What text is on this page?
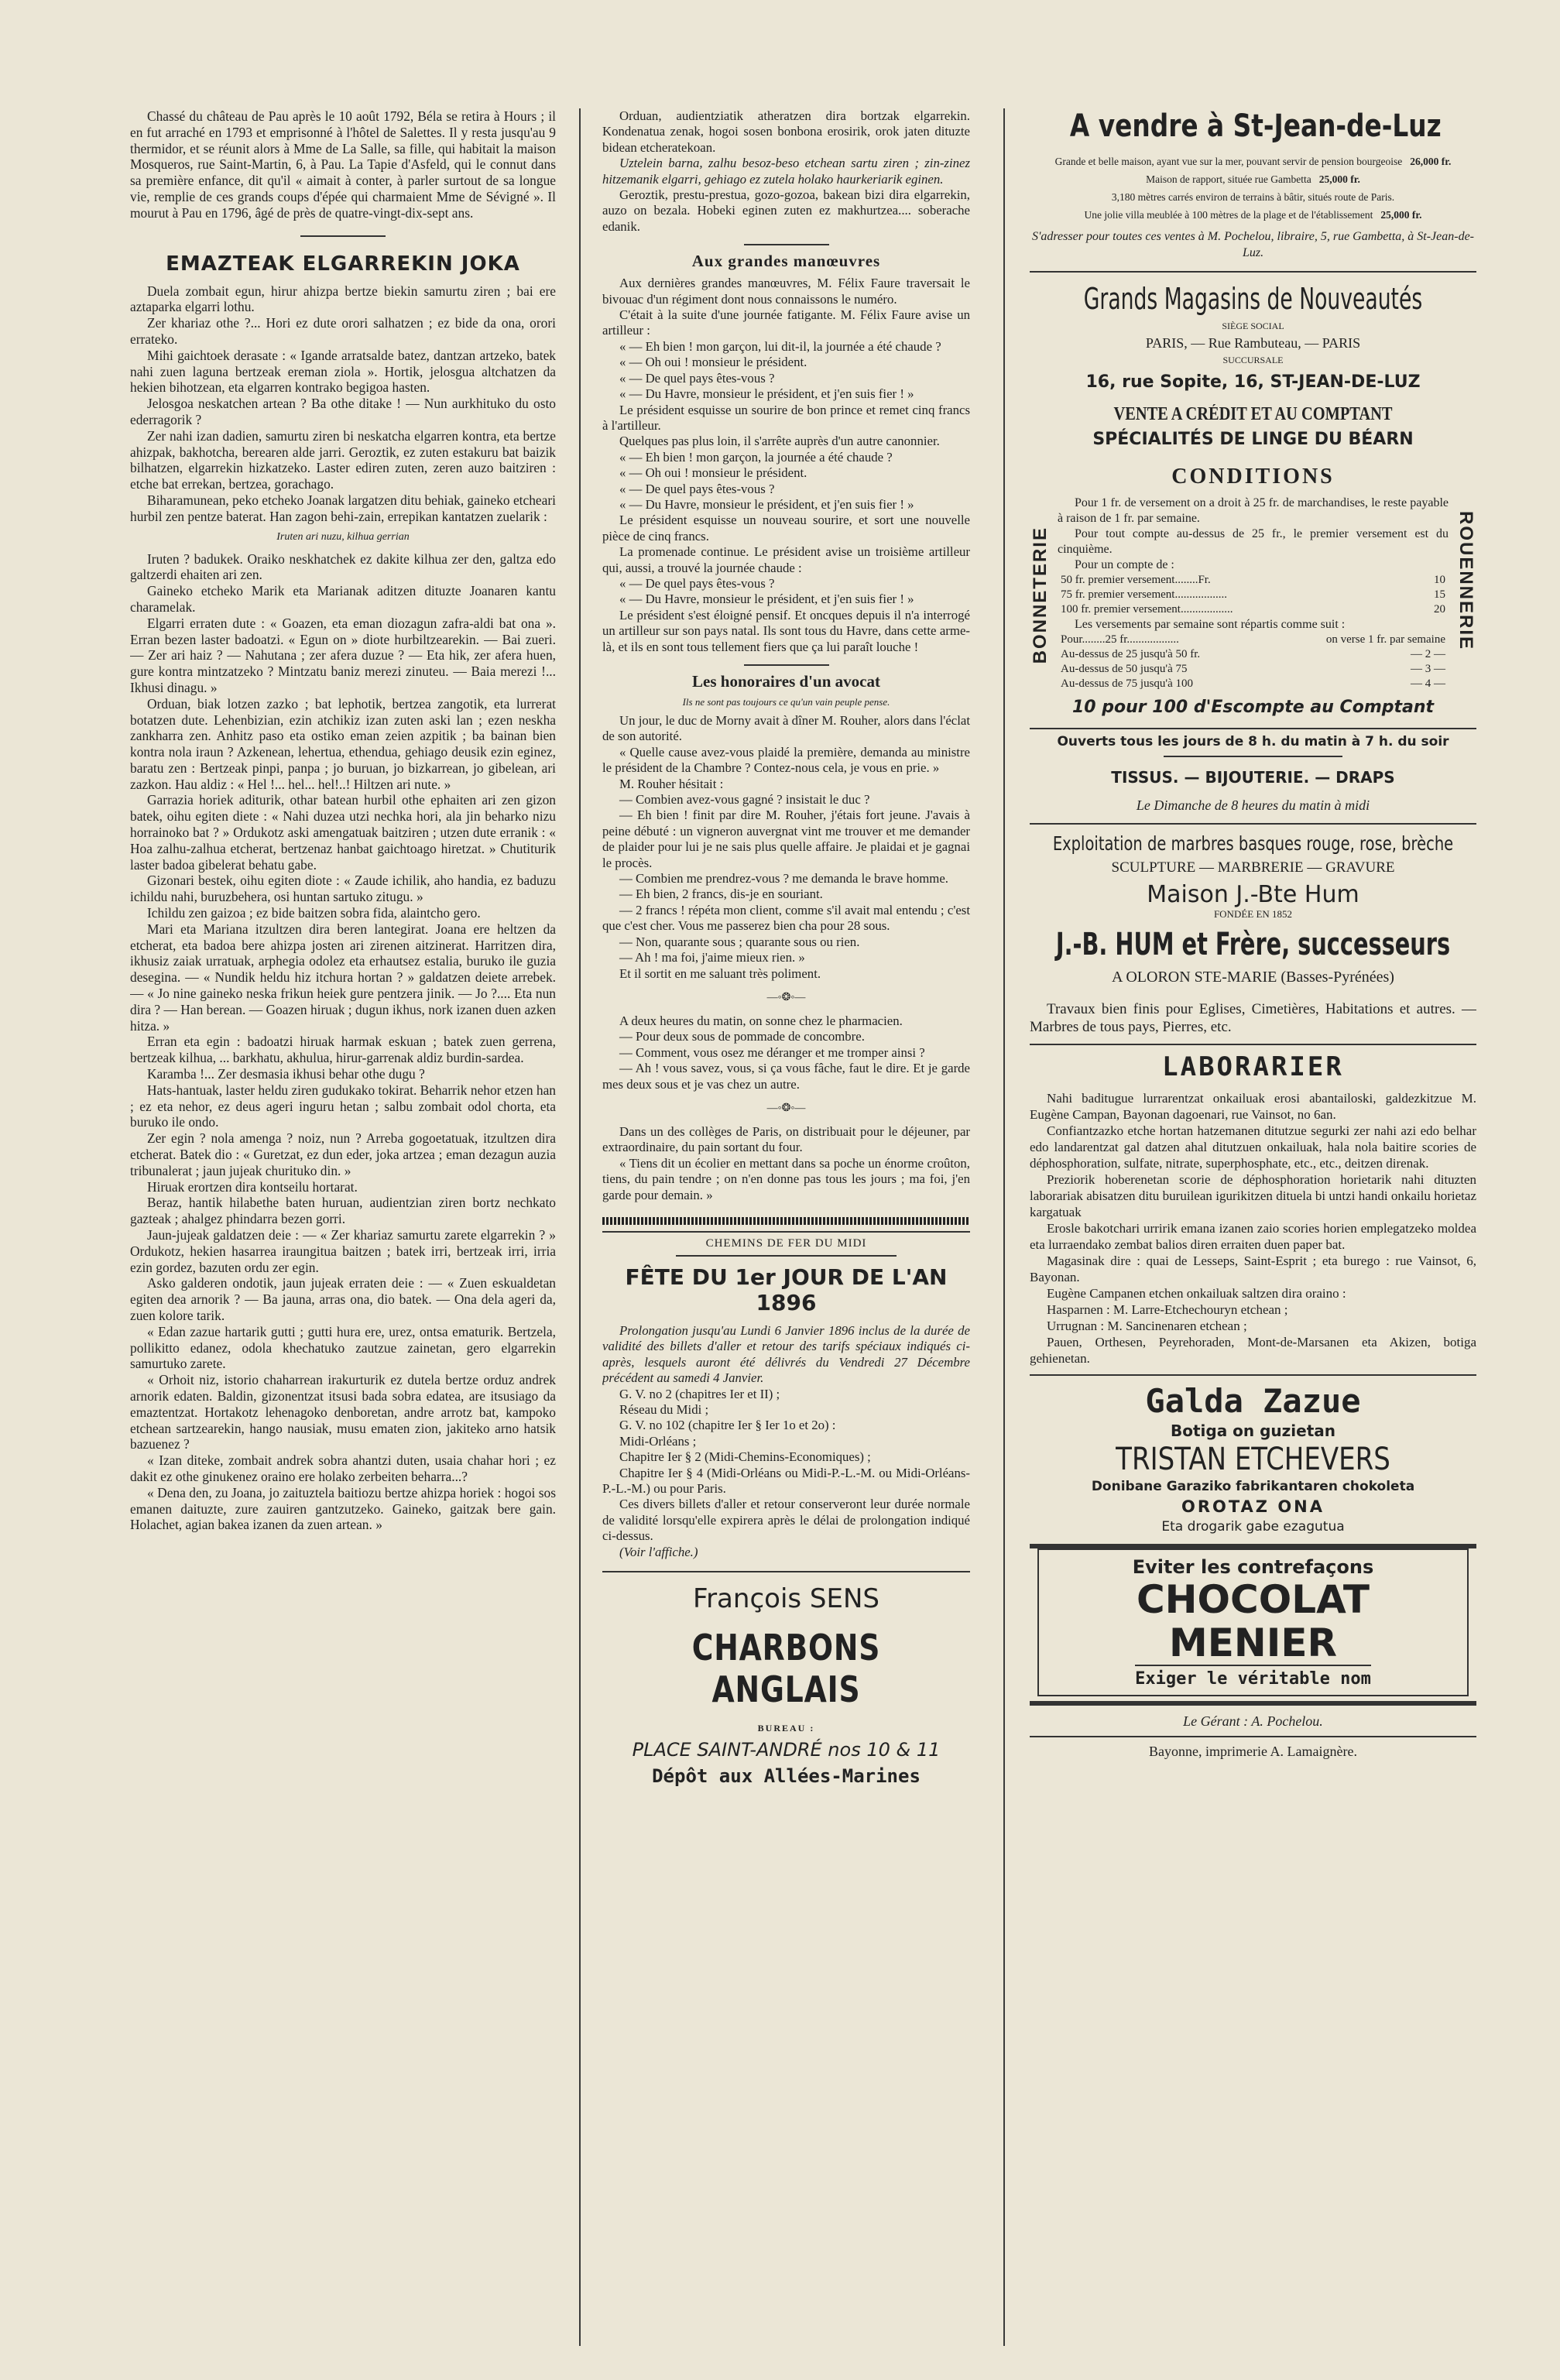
Chassé du château de Pau après le 10 août 1792, Béla se retira à Hours ; il en fut arraché en 1793 et emprisonné à l'hôtel de Salettes. Il y resta jusqu'au 9 thermidor, et se réunit alors à Mme de La Salle, sa fille, qui habitait la maison Mosqueros, rue Saint-Martin, 6, à Pau. La Tapie d'Asfeld, qui le connut dans sa première enfance, dit qu'il « aimait à conter, à parler surtout de sa longue vie, remplie de ces grands coups d'épée qui charmaient Mme de Sévigné ». Il mourut à Pau en 1796, âgé de près de quatre-vingt-dix-sept ans.

EMAZTEAK ELGARREKIN JOKA

Duela zombait egun, hirur ahizpa bertze biekin samurtu ziren ; bai ere aztaparka elgarri lothu.

Zer khariaz othe ?... Hori ez dute orori salhatzen ; ez bide da ona, orori errateko.

Mihi gaichtoek derasate : « Igande arratsalde batez, dantzan artzeko, batek nahi zuen laguna bertzeak ereman ziola ». Hortik, jelosgua altchatzen da hekien bihotzean, eta elgarren kontrako begigoa hasten.

Jelosgoa neskatchen artean ? Ba othe ditake ! — Nun aurkhituko du osto ederragorik ?

Zer nahi izan dadien, samurtu ziren bi neskatcha elgarren kontra, eta bertze ahizpak, bakhotcha, berearen alde jarri. Geroztik, ez zuten estakuru bat baizik bilhatzen, elgarrekin hizkatzeko. Laster ediren zuten, zeren auzo baitziren : etche bat errekan, bertzea, gorachago.

Biharamunean, peko etcheko Joanak largatzen ditu behiak, gaineko etcheari hurbil zen pentze baterat. Han zagon behi-zain, errepikan kantatzen zuelarik :

Iruten ari nuzu, kilhua gerrian

Iruten ? badukek. Oraiko neskhatchek ez dakite kilhua zer den, galtza edo galtzerdi ehaiten ari zen.

Gaineko etcheko Marik eta Marianak aditzen dituzte Joanaren kantu charamelak.

Elgarri erraten dute : « Goazen, eta eman diozagun zafra-aldi bat ona ». Erran bezen laster badoatzi. « Egun on » diote hurbiltzearekin. — Bai zueri. — Zer ari haiz ? — Nahutana ; zer afera duzue ? — Eta hik, zer afera huen, gure kontra mintzatzeko ? Mintzatu baniz merezi zinuteu. — Baia merezi !... Ikhusi dinagu. »

Orduan, biak lotzen zazko ; bat lephotik, bertzea zangotik, eta lurrerat botatzen dute. Lehenbizian, ezin atchikiz izan zuten aski lan ; ezen neskha zankharra zen. Anhitz paso eta ostiko eman zeien azpitik ; ba bainan bien kontra nola iraun ? Azkenean, lehertua, ethendua, gehiago deusik ezin eginez, baratu zen : Bertzeak pinpi, panpa ; jo buruan, jo bizkarrean, jo gibelean, ari zazkon. Hau aldiz : « Hel !... hel... hel!..! Hiltzen ari nute. »

Garrazia horiek aditurik, othar batean hurbil othe ephaiten ari zen gizon batek, oihu egiten diete : « Nahi duzea utzi nechka hori, ala jin beharko nizu horrainoko bat ? » Ordukotz aski amengatuak baitziren ; utzen dute erranik : « Hoa zalhu-zalhua etcherat, bertzenaz hanbat gaichtoago hiretzat. » Chutiturik laster badoa gibelerat behatu gabe.

Gizonari bestek, oihu egiten diote : « Zaude ichilik, aho handia, ez baduzu ichildu nahi, buruzbehera, osi huntan sartuko zitugu. »

Ichildu zen gaizoa ; ez bide baitzen sobra fida, alaintcho gero.

Mari eta Mariana itzultzen dira beren lantegirat. Joana ere heltzen da etcherat, eta badoa bere ahizpa josten ari zirenen aitzinerat. Harritzen dira, ikhusiz zaiak urratuak, arphegia odolez eta erhautsez estalia, buruko ile guzia desegina. — « Nundik heldu hiz itchura hortan ? » galdatzen deiete arrebek. — « Jo nine gaineko neska frikun heiek gure pentzera jinik. — Jo ?.... Eta nun dira ? — Han berean. — Goazen hiruak ; dugun ikhus, nork izanen duen azken hitza. »

Erran eta egin : badoatzi hiruak harmak eskuan ; batek zuen gerrena, bertzeak kilhua, ... barkhatu, akhulua, hirur-garrenak aldiz burdin-sardea.

Karamba !... Zer desmasia ikhusi behar othe dugu ?

Hats-hantuak, laster heldu ziren gudukako tokirat. Beharrik nehor etzen han ; ez eta nehor, ez deus ageri inguru hetan ; salbu zombait odol chorta, eta buruko ile ondo.

Zer egin ? nola amenga ? noiz, nun ? Arreba gogoetatuak, itzultzen dira etcherat. Batek dio : « Guretzat, ez dun eder, joka artzea ; eman dezagun auzia tribunalerat ; jaun jujeak churituko din. »

Hiruak erortzen dira kontseilu hortarat.

Beraz, hantik hilabethe baten huruan, audientzian ziren bortz nechkato gazteak ; ahalgez phindarra bezen gorri.

Jaun-jujeak galdatzen deie : — « Zer khariaz samurtu zarete elgarrekin ? » Ordukotz, hekien hasarrea iraungitua baitzen ; batek irri, bertzeak irri, irria ezin gordez, bazuten ordu zer egin.

Asko galderen ondotik, jaun jujeak erraten deie : — « Zuen eskualdetan egiten dea arnorik ? — Ba jauna, arras ona, dio batek. — Ona dela ageri da, zuen kolore tarik.

« Edan zazue hartarik gutti ; gutti hura ere, urez, ontsa ematurik. Bertzela, pollikitto edanez, odola khechatuko zautzue zainetan, gero elgarrekin samurtuko zarete.

« Orhoit niz, istorio chaharrean irakurturik ez dutela bertze orduz andrek arnorik edaten. Baldin, gizonentzat itsusi bada sobra edatea, are itsusiago da emaztentzat. Hortakotz lehenagoko denboretan, andre arrotz bat, kampoko etchean sartzearekin, hango nausiak, musu ematen zion, jakiteko arno hatsik bazuenez ?

« Izan diteke, zombait andrek sobra ahantzi duten, usaia chahar hori ; ez dakit ez othe ginukenez oraino ere holako zerbeiten beharra...?

« Dena den, zu Joana, jo zaituztela baitiozu bertze ahizpa horiek : hogoi sos emanen daituzte, zure zauiren gantzutzeko. Gaineko, gaitzak bere gain. Holachet, agian bakea izanen da zuen artean. »

Orduan, audientziatik atheratzen dira bortzak elgarrekin. Kondenatua zenak, hogoi sosen bonbona erosirik, orok jaten dituzte bidean etcheratekoan.

Uztelein barna, zalhu besoz-beso etchean sartu ziren ; zin-zinez hitzemanik elgarri, gehiago ez zutela holako haurkeriarik eginen.

Geroztik, prestu-prestua, gozo-gozoa, bakean bizi dira elgarrekin, auzo on bezala. Hobeki eginen zuten ez makhurtzea.... soberache edanik.

Aux grandes manœuvres

Aux dernières grandes manœuvres, M. Félix Faure traversait le bivouac d'un régiment dont nous connaissons le numéro.

C'était à la suite d'une journée fatigante. M. Félix Faure avise un artilleur :

« — Eh bien ! mon garçon, lui dit-il, la journée a été chaude ?

« — Oh oui ! monsieur le président.

« — De quel pays êtes-vous ?

« — Du Havre, monsieur le président, et j'en suis fier ! »

Le président esquisse un sourire de bon prince et remet cinq francs à l'artilleur.

Quelques pas plus loin, il s'arrête auprès d'un autre canonnier.

« — Eh bien ! mon garçon, la journée a été chaude ?

« — Oh oui ! monsieur le président.

« — De quel pays êtes-vous ?

« — Du Havre, monsieur le président, et j'en suis fier ! »

Le président esquisse un nouveau sourire, et sort une nouvelle pièce de cinq francs.

La promenade continue. Le président avise un troisième artilleur qui, aussi, a trouvé la journée chaude :

« — De quel pays êtes-vous ?

« — Du Havre, monsieur le président, et j'en suis fier ! »

Le président s'est éloigné pensif. Et oncques depuis il n'a interrogé un artilleur sur son pays natal. Ils sont tous du Havre, dans cette arme-là, et ils en sont tous tellement fiers que ça lui paraît louche !

Les honoraires d'un avocat
Ils ne sont pas toujours ce qu'un vain peuple pense.

Un jour, le duc de Morny avait à dîner M. Rouher, alors dans l'éclat de son autorité.

« Quelle cause avez-vous plaidé la première, demanda au ministre le président de la Chambre ? Contez-nous cela, je vous en prie. »

M. Rouher hésitait :

— Combien avez-vous gagné ? insistait le duc ?

— Eh bien ! finit par dire M. Rouher, j'étais fort jeune. J'avais à peine débuté : un vigneron auvergnat vint me trouver et me demander de plaider pour lui je ne sais plus quelle affaire. Je plaidai et je gagnai le procès.

— Combien me prendrez-vous ? me demanda le brave homme.

— Eh bien, 2 francs, dis-je en souriant.

— 2 francs ! répéta mon client, comme s'il avait mal entendu ; c'est que c'est cher. Vous me passerez bien cha pour 28 sous.

— Non, quarante sous ; quarante sous ou rien.

— Ah ! ma foi, j'aime mieux rien. »

Et il sortit en me saluant très poliment.

—◦❂◦—

A deux heures du matin, on sonne chez le pharmacien.

— Pour deux sous de pommade de concombre.

— Comment, vous osez me déranger et me tromper ainsi ?

— Ah ! vous savez, vous, si ça vous fâche, faut le dire. Et je garde mes deux sous et je vas chez un autre.

—◦❂◦—

Dans un des collèges de Paris, on distribuait pour le déjeuner, par extraordinaire, du pain sortant du four.

« Tiens dit un écolier en mettant dans sa poche un énorme croûton, tiens, du pain tendre ; on n'en donne pas tous les jours ; ma foi, j'en garde pour demain. »

CHEMINS DE FER DU MIDI
FÊTE DU 1er JOUR DE L'AN 1896

Prolongation jusqu'au Lundi 6 Janvier 1896 inclus de la durée de validité des billets d'aller et retour des tarifs spéciaux indiqués ci-après, lesquels auront été délivrés du Vendredi 27 Décembre précédent au samedi 4 Janvier.

G. V. no 2 (chapitres Ier et II) ;

Réseau du Midi ;

G. V. no 102 (chapitre Ier § Ier 1o et 2o) :

Midi-Orléans ;

Chapitre Ier § 2 (Midi-Chemins-Economiques) ;

Chapitre Ier § 4 (Midi-Orléans ou Midi-P.-L.-M. ou Midi-Orléans-P.-L.-M.) ou pour Paris.

Ces divers billets d'aller et retour conserveront leur durée normale de validité lorsqu'elle expirera après le délai de prolongation indiqué ci-dessus.

(Voir l'affiche.)

François SENS
CHARBONS ANGLAIS
BUREAU :
PLACE SAINT-ANDRÉ nos 10 & 11
Dépôt aux Allées-Marines
A vendre à St-Jean-de-Luz
Grande et belle maison, ayant vue sur la mer, pouvant servir de pension bourgeoise 26,000 fr.
Maison de rapport, située rue Gambetta 25,000 fr.
3,180 mètres carrés environ de terrains à bâtir, situés route de Paris.
Une jolie villa meublée à 100 mètres de la plage et de l'établissement 25,000 fr.

S'adresser pour toutes ces ventes à M. Pochelou, libraire, 5, rue Gambetta, à St-Jean-de-Luz.

Grands Magasins de Nouveautés
SIÈGE SOCIAL
PARIS, — Rue Rambuteau, — PARIS
SUCCURSALE
16, rue Sopite, 16, ST-JEAN-DE-LUZ
VENTE A CRÉDIT ET AU COMPTANT
SPÉCIALITÉS DE LINGE DU BÉARN
CONDITIONS
BONNETERIE	ROUENNERIE

Pour 1 fr. de versement on a droit à 25 fr. de marchandises, le reste payable à raison de 1 fr. par semaine.

Pour tout compte au-dessus de 25 fr., le premier versement est du cinquième.

Pour un compte de :

50 fr. premier versement........Fr.	10
75 fr. premier versement..................	15
100 fr. premier versement..................	20

Les versements par semaine sont répartis comme suit :

Pour........25 fr..................	on verse 1 fr. par semaine
Au-dessus de 25 jusqu'à 50 fr.	— 2 —
Au-dessus de 50 jusqu'à 75	— 3 —
Au-dessus de 75 jusqu'à 100	— 4 —
10 pour 100 d'Escompte au Comptant
Ouverts tous les jours de 8 h. du matin à 7 h. du soir
TISSUS. — BIJOUTERIE. — DRAPS
Le Dimanche de 8 heures du matin à midi
Exploitation de marbres basques rouge, rose, brèche
SCULPTURE — MARBRERIE — GRAVURE
Maison J.-Bte Hum
FONDÉE EN 1852
J.-B. HUM et Frère, successeurs
A OLORON STE-MARIE (Basses-Pyrénées)

Travaux bien finis pour Eglises, Cimetières, Habitations et autres. — Marbres de tous pays, Pierres, etc.

LABORARIER

Nahi baditugue lurrarentzat onkailuak erosi abantailoski, galdezkitzue M. Eugène Campan, Bayonan dagoenari, rue Vainsot, no 6an.

Confiantzazko etche hortan hatzemanen ditutzue segurki zer nahi azi edo belhar edo landarentzat gal datzen ahal ditutzuen onkailuak, hala nola baitire scories de déphosphoration, sulfate, nitrate, superphosphate, etc., etc., deitzen direnak.

Preziorik hoberenetan scorie de déphosphoration horietarik nahi dituzten laborariak abisatzen ditu buruilean igurikitzen dituela bi untzi handi onkailu horietaz kargatuak

Erosle bakotchari urririk emana izanen zaio scories horien emplegatzeko moldea eta lurraendako zembat balios diren erraiten duen paper bat.

Magasinak dire : quai de Lesseps, Saint-Esprit ; eta burego : rue Vainsot, 6, Bayonan.

Eugène Campanen etchen onkailuak saltzen dira oraino :

Hasparnen : M. Larre-Etchechouryn etchean ;

Urrugnan : M. Sancinenaren etchean ;

Pauen, Orthesen, Peyrehoraden, Mont-de-Marsanen eta Akizen, botiga gehienetan.

Galda Zazue
Botiga on guzietan
TRISTAN ETCHEVERS
Donibane Garaziko fabrikantaren chokoleta
OROTAZ ONA
Eta drogarik gabe ezagutua
Eviter les contrefaçons
CHOCOLAT
MENIER
Exiger le véritable nom
Le Gérant : A. Pochelou.
Bayonne, imprimerie A. Lamaignère.
